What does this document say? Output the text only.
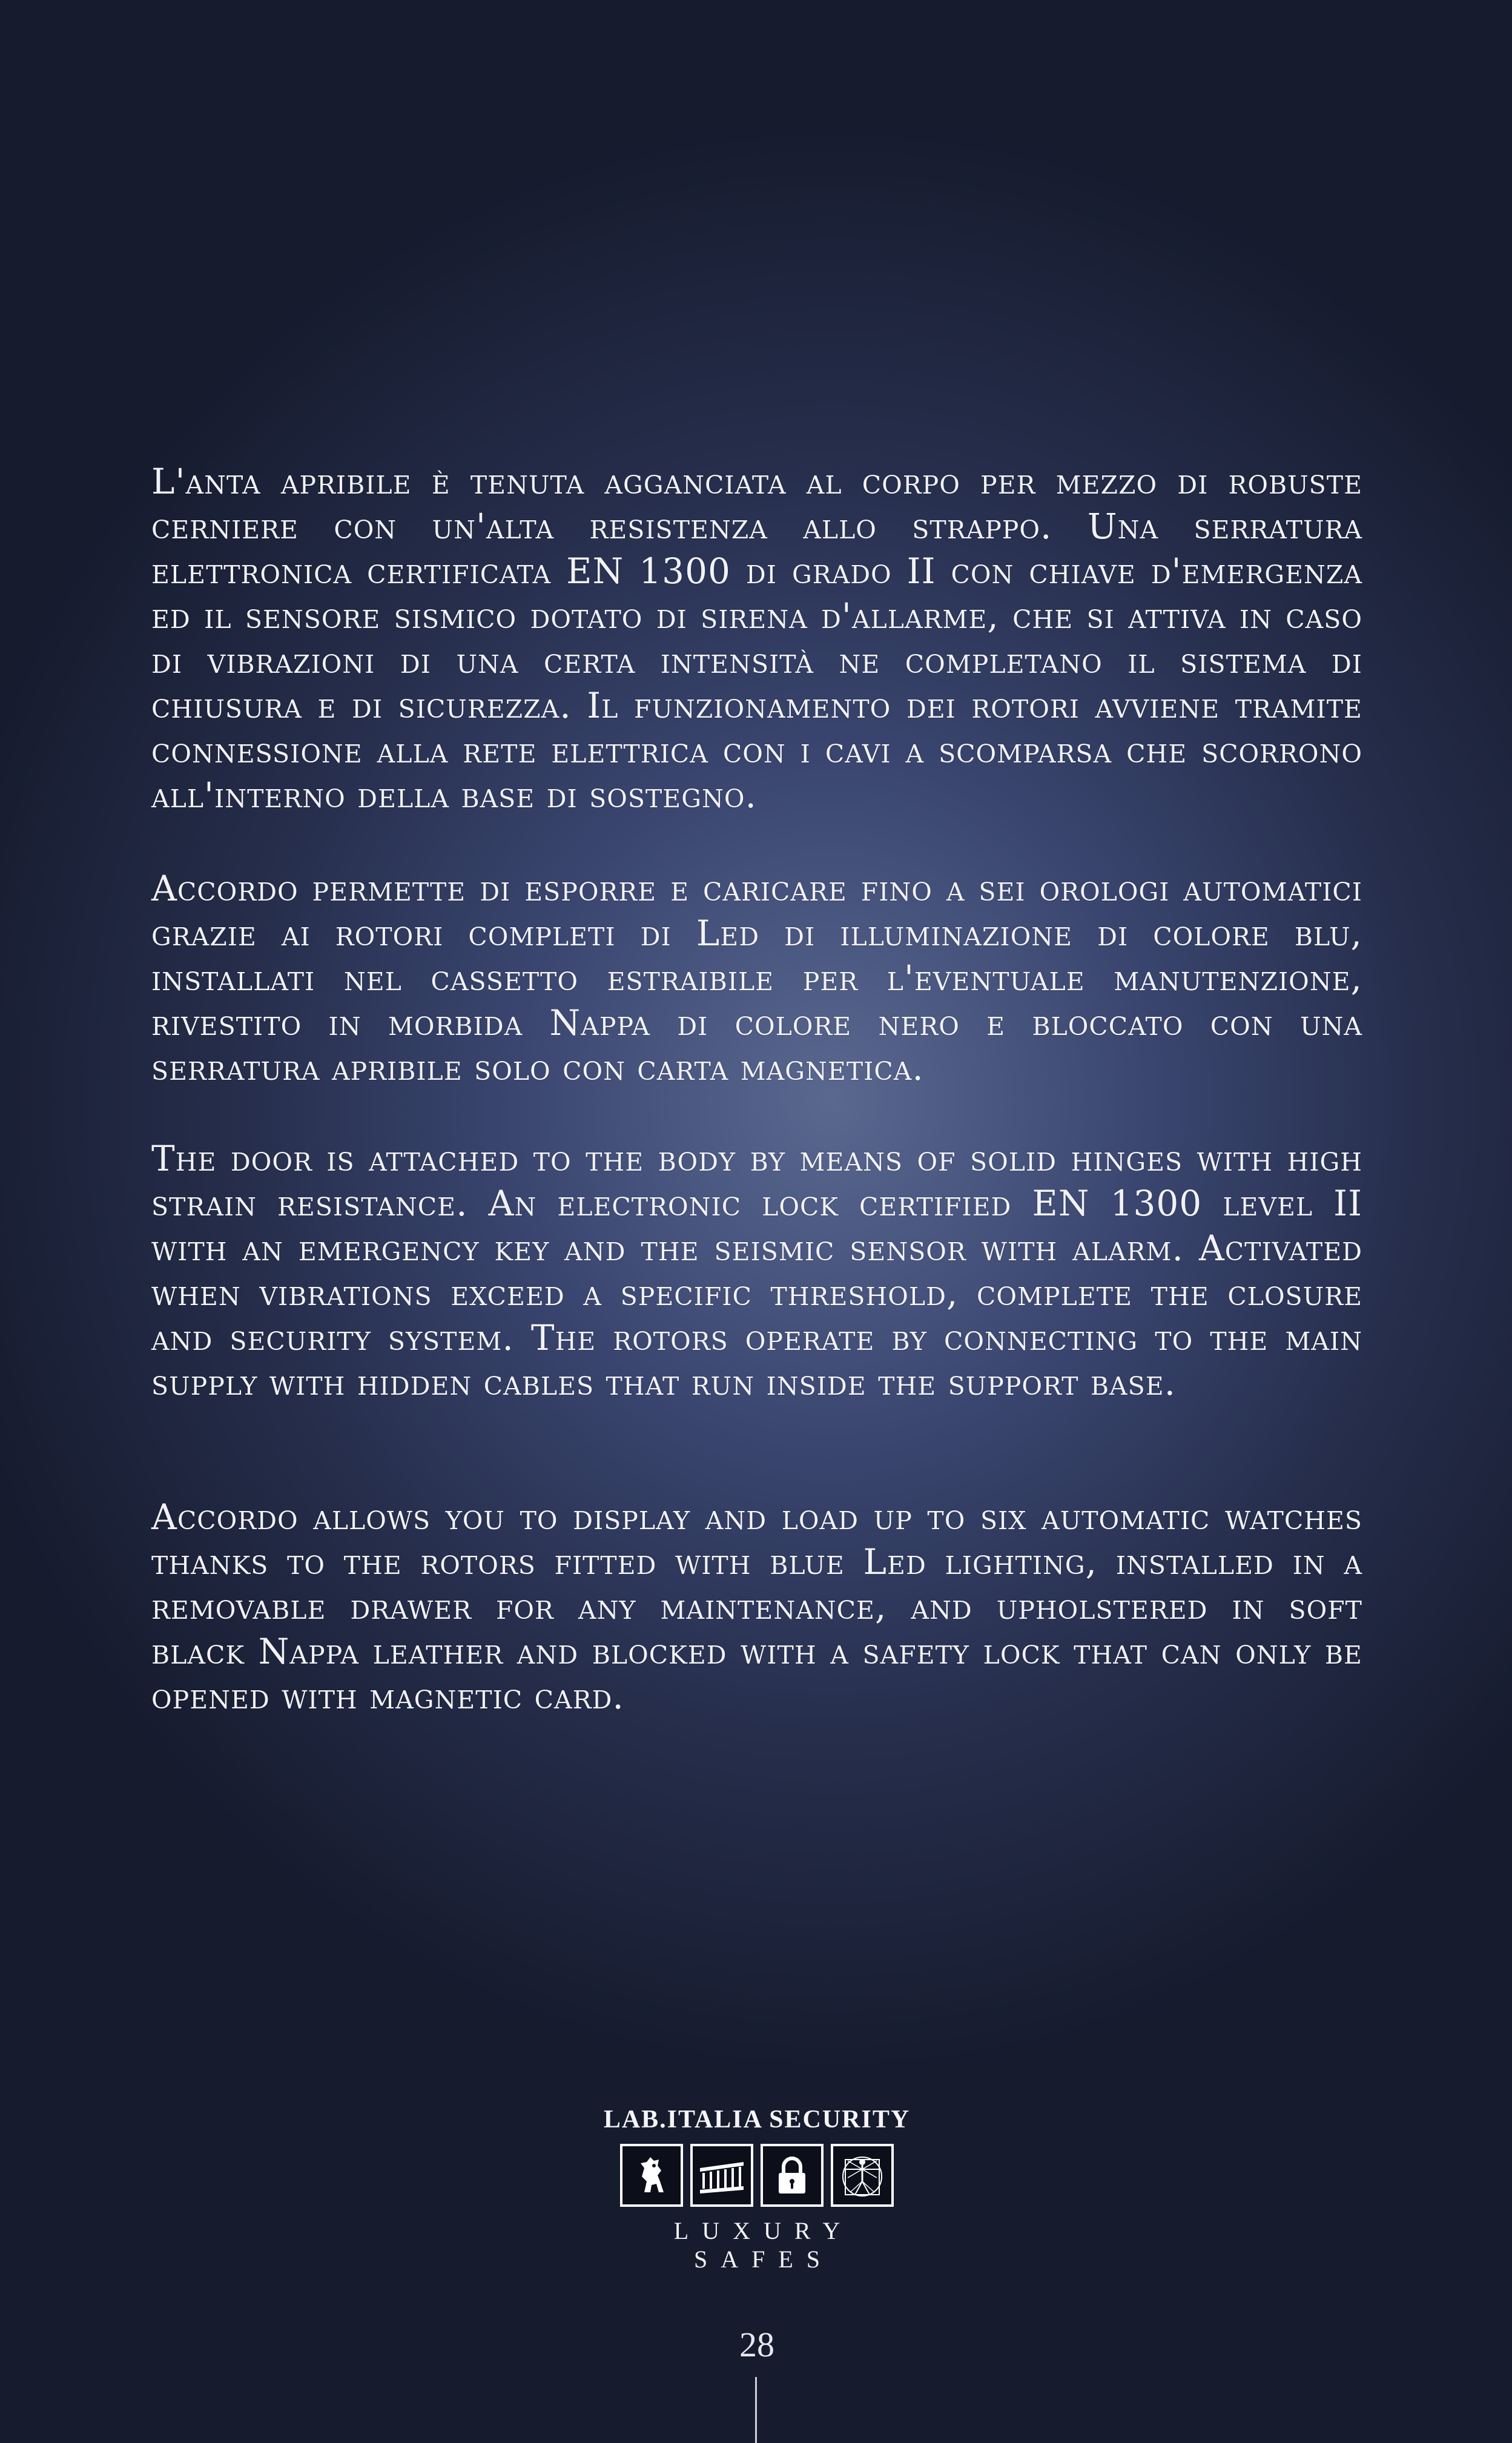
L'anta apribile è tenuta agganciata al corpo per mezzo di robuste cerniere con un'alta resistenza allo strappo. Una serratura elettronica certificata EN 1300 di grado II con chiave d'emergenza ed il sensore sismico dotato di sirena d'allarme, che si attiva in caso di vibrazioni di una certa intensità ne completano il sistema di chiusura e di sicurezza. Il funzionamento dei rotori avviene tramite connessione alla rete elettrica con i cavi a scomparsa che scorrono all'interno della base di sostegno.

Accordo permette di esporre e caricare fino a sei orologi automatici grazie ai rotori completi di Led di illuminazione di colore blu, installati nel cassetto estraibile per l'eventuale manutenzione, rivestito in morbida Nappa di colore nero e bloccato con una serratura apribile solo con carta magnetica.

The door is attached to the body by means of solid hinges with high strain resistance. An electronic lock certified EN 1300 level II with an emergency key and the seismic sensor with alarm. Activated when vibrations exceed a specific threshold, complete the closure and security system. The rotors operate by connecting to the main supply with hidden cables that run inside the support base.

Accordo allows you to display and load up to six automatic watches thanks to the rotors fitted with blue Led lighting, installed in a removable drawer for any maintenance, and upholstered in soft black Nappa leather and blocked with a safety lock that can only be opened with magnetic card.

LAB.ITALIA SECURITY
LUXURY SAFES
28
